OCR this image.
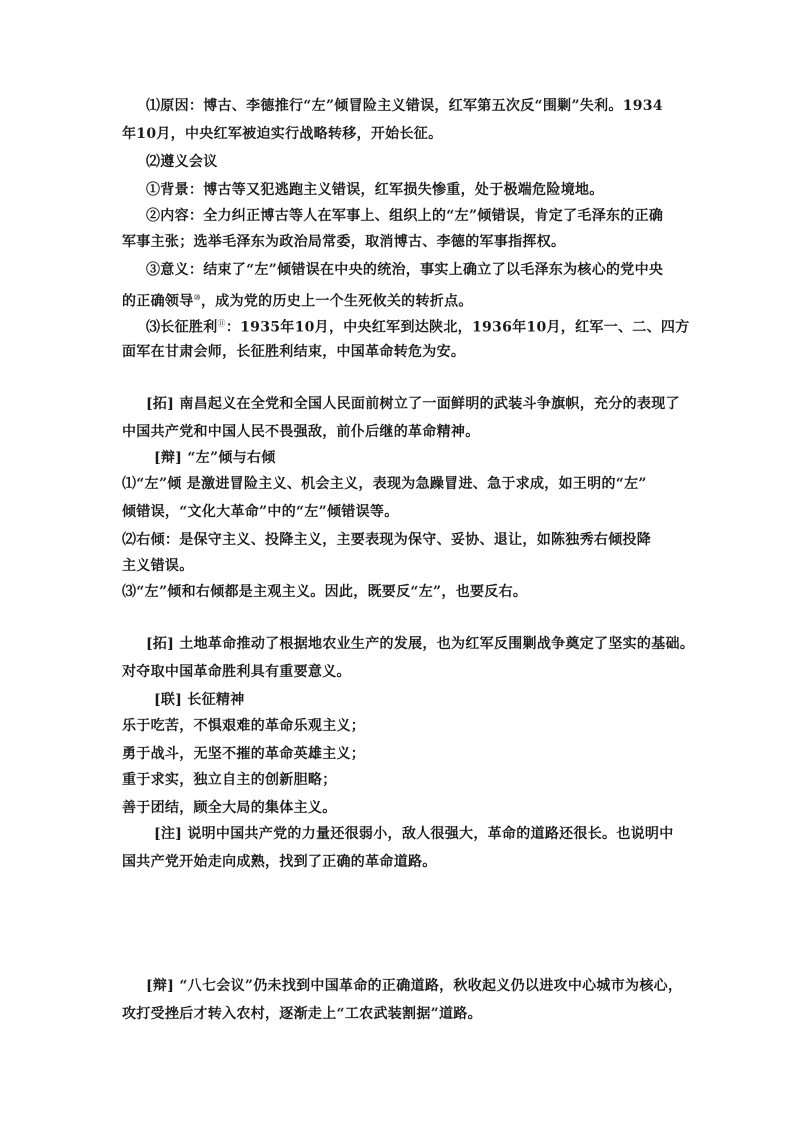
⑴原因：博古、李德推行“左”倾冒险主义错误，红军第五次反“围剿”失利。1934
年10月，中央红军被迫实行战略转移，开始长征。
⑵遵义会议
①背景：博古等又犯逃跑主义错误，红军损失惨重，处于极端危险境地。
②内容：全力纠正博古等人在军事上、组织上的“左”倾错误，肯定了毛泽东的正确
军事主张；选举毛泽东为政治局常委，取消博古、李德的军事指挥权。
③意义：结束了“左”倾错误在中央的统治，事实上确立了以毛泽东为核心的党中央
的正确领导⑩，成为党的历史上一个生死攸关的转折点。
⑶长征胜利⑪：1935年10月，中央红军到达陕北，1936年10月，红军一、二、四方
面军在甘肃会师，长征胜利结束，中国革命转危为安。
[拓] 南昌起义在全党和全国人民面前树立了一面鲜明的武装斗争旗帜，充分的表现了
中国共产党和中国人民不畏强敌，前仆后继的革命精神。
[辩] “左”倾与右倾
⑴“左”倾 是激进冒险主义、机会主义，表现为急躁冒进、急于求成，如王明的“左”
倾错误，“文化大革命”中的“左”倾错误等。
⑵右倾：是保守主义、投降主义，主要表现为保守、妥协、退让，如陈独秀右倾投降
主义错误。
⑶“左”倾和右倾都是主观主义。因此，既要反“左”，也要反右。
[拓] 土地革命推动了根据地农业生产的发展，也为红军反围剿战争奠定了坚实的基础。
对夺取中国革命胜利具有重要意义。
[联] 长征精神
乐于吃苦，不惧艰难的革命乐观主义；
勇于战斗，无坚不摧的革命英雄主义；
重于求实，独立自主的创新胆略；
善于团结，顾全大局的集体主义。
[注] 说明中国共产党的力量还很弱小，敌人很强大，革命的道路还很长。也说明中
国共产党开始走向成熟，找到了正确的革命道路。
[辩] “八七会议”仍未找到中国革命的正确道路，秋收起义仍以进攻中心城市为核心，
攻打受挫后才转入农村，逐渐走上“工农武装割据”道路。
